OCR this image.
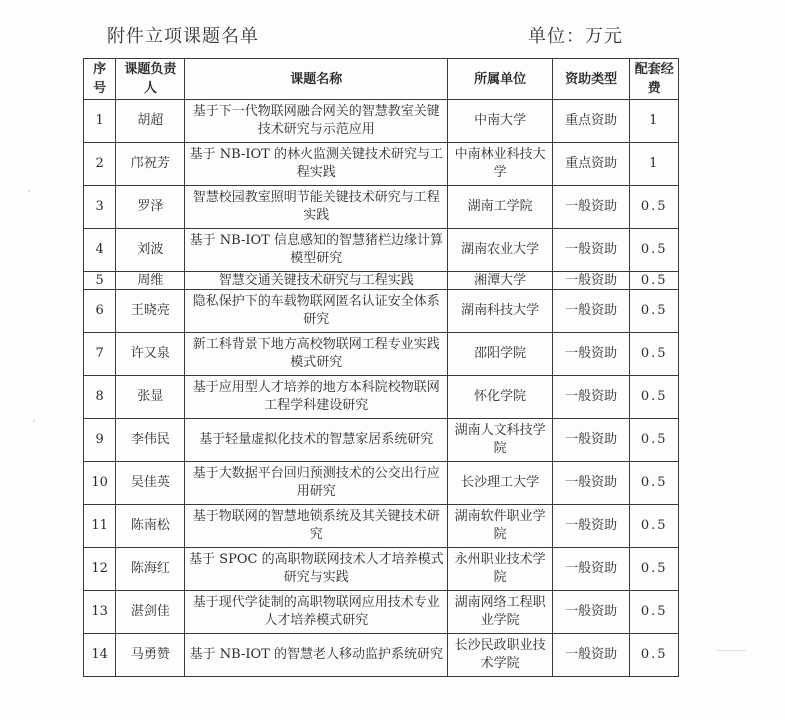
附件立项课题名单	单位：万元
序号	课题负责人	课题名称	所属单位	资助类型	配套经费
1	胡超	基于下一代物联网融合网关的智慧教室关键技术研究与示范应用	中南大学	重点资助	1
2	邝祝芳	基于 NB-IOT 的林火监测关键技术研究与工程实践	中南林业科技大学	重点资助	1
3	罗泽	智慧校园教室照明节能关键技术研究与工程实践	湖南工学院	一般资助	0.5
4	刘波	基于 NB-IOT 信息感知的智慧猪栏边缘计算模型研究	湖南农业大学	一般资助	0.5
5	周维	智慧交通关键技术研究与工程实践	湘潭大学	一般资助	0.5
6	王晓亮	隐私保护下的车载物联网匿名认证安全体系研究	湖南科技大学	一般资助	0.5
7	许又泉	新工科背景下地方高校物联网工程专业实践模式研究	邵阳学院	一般资助	0.5
8	张显	基于应用型人才培养的地方本科院校物联网工程学科建设研究	怀化学院	一般资助	0.5
9	李伟民	基于轻量虚拟化技术的智慧家居系统研究	湖南人文科技学院	一般资助	0.5
10	吴佳英	基于大数据平台回归预测技术的公交出行应用研究	长沙理工大学	一般资助	0.5
11	陈南松	基于物联网的智慧地锁系统及其关键技术研究	湖南软件职业学院	一般资助	0.5
12	陈海红	基于 SPOC 的高职物联网技术人才培养模式研究与实践	永州职业技术学院	一般资助	0.5
13	湛剑佳	基于现代学徒制的高职物联网应用技术专业人才培养模式研究	湖南网络工程职业学院	一般资助	0.5
14	马勇赞	基于 NB-IOT 的智慧老人移动监护系统研究	长沙民政职业技术学院	一般资助	0.5
